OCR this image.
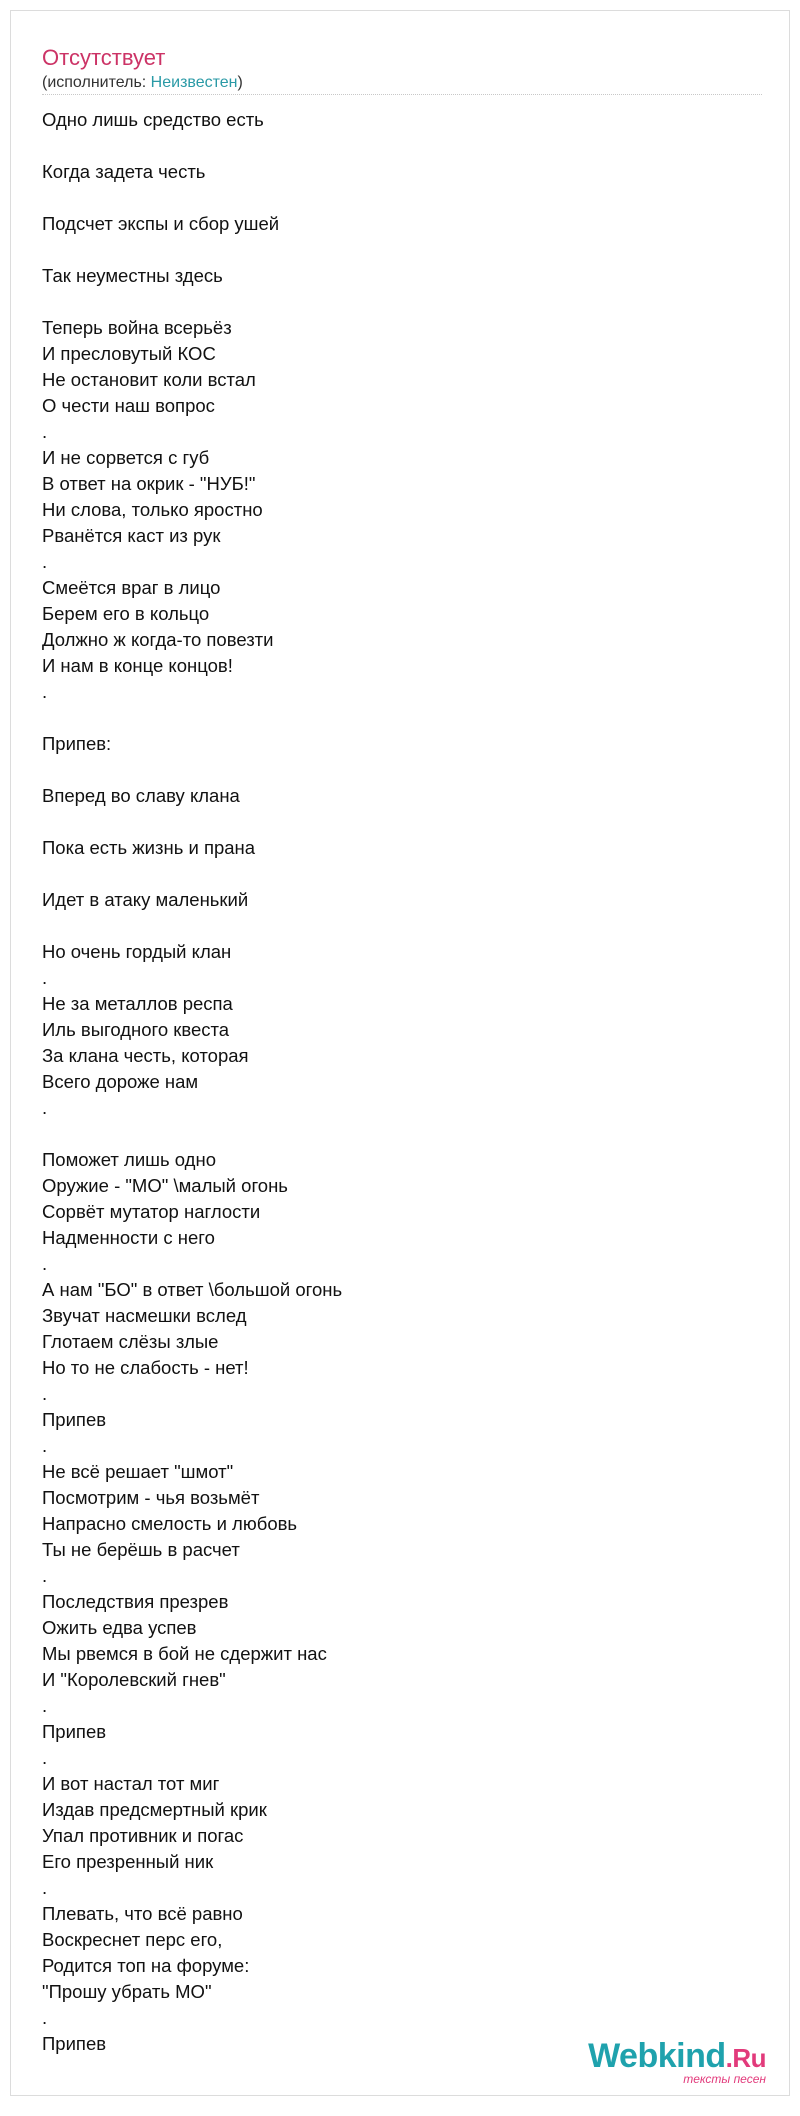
Отсутствует
(исполнитель: Неизвестен)
Одно лишь средство есть
Когда задета честь
Подсчет экспы и сбор ушей
Так неуместны здесь
Теперь война всерьёз
И пресловутый КОС
Не остановит коли встал
О чести наш вопрос
.
И не сорвется с губ
В ответ на окрик - "НУБ!"
Ни слова, только яростно
Рванётся каст из рук
.
Смеётся враг в лицо
Берем его в кольцо
Должно ж когда-то повезти
И нам в конце концов!
.
Припев:
Вперед во славу клана
Пока есть жизнь и прана
Идет в атаку маленький
Но очень гордый клан
.
Не за металлов респа
Иль выгодного квеста
За клана честь, которая
Всего дороже нам
.
Поможет лишь одно
Оружие - "МО" \малый огонь
Сорвёт мутатор наглости
Надменности с него
.
А нам "БО" в ответ \большой огонь
Звучат насмешки вслед
Глотаем слёзы злые
Но то не слабость - нет!
.
Припев
.
Не всё решает "шмот"
Посмотрим - чья возьмёт
Напрасно смелость и любовь
Ты не берёшь в расчет
.
Последствия презрев
Ожить едва успев
Мы рвемся в бой не сдержит нас
И "Королевский гнев"
.
Припев
.
И вот настал тот миг
Издав предсмертный крик
Упал противник и погас
Его презренный ник
.
Плевать, что всё равно
Воскреснет перс его,
Родится топ на форуме:
"Прошу убрать МО"
.
Припев	Webkind.Ru
тексты песен
